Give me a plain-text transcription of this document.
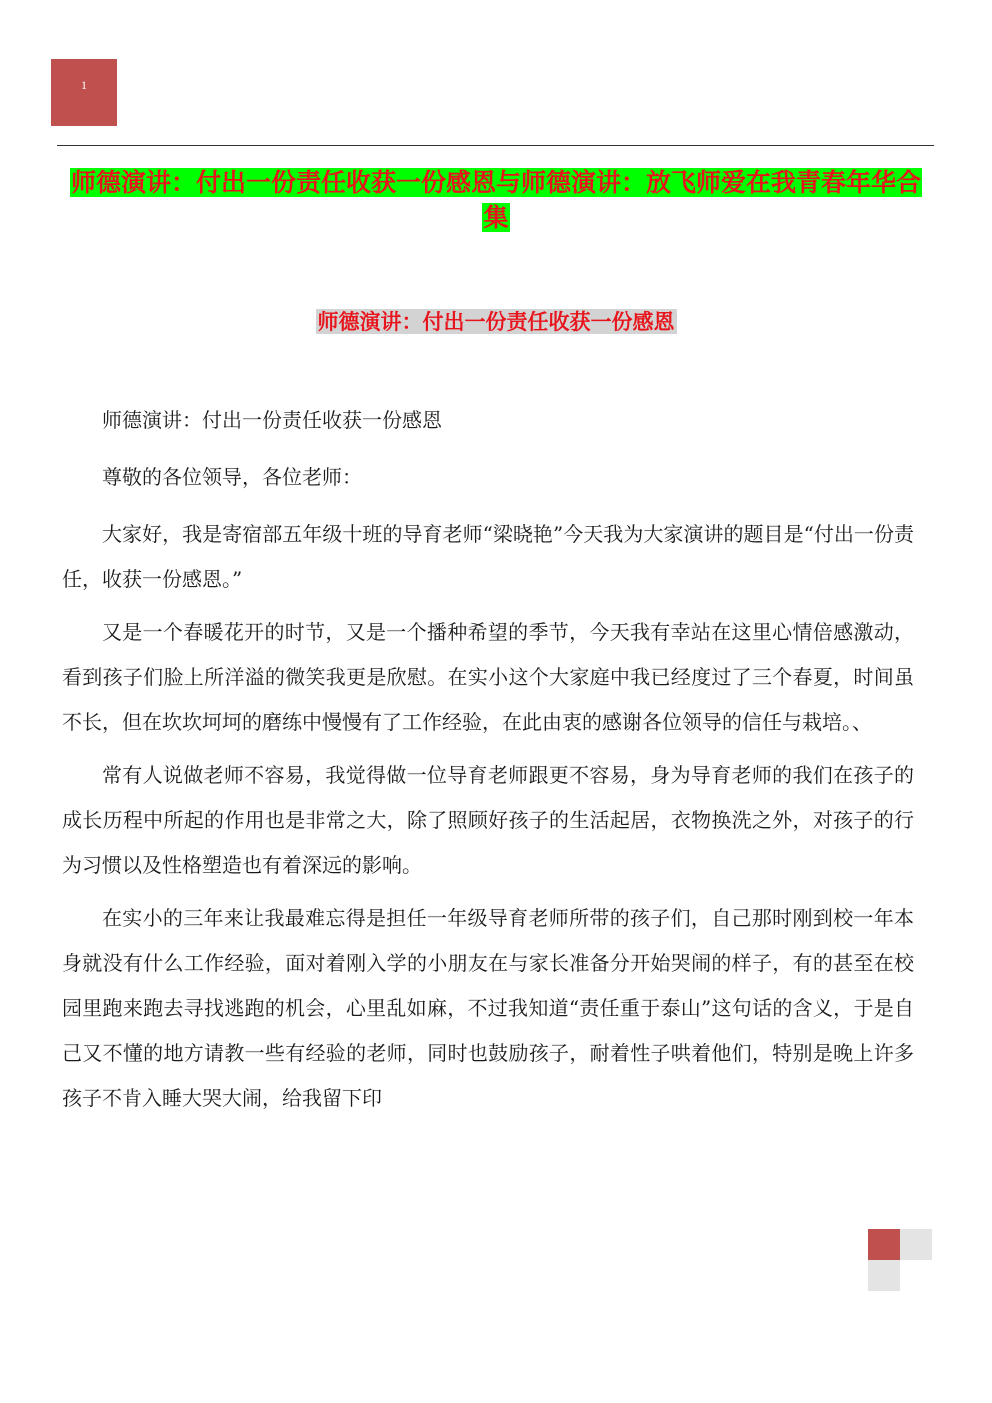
1
师德演讲：付出一份责任收获一份感恩与师德演讲：放飞师爱在我青春年华合集
师德演讲：付出一份责任收获一份感恩

师德演讲：付出一份责任收获一份感恩

尊敬的各位领导，各位老师：

大家好，我是寄宿部五年级十班的导育老师“梁晓艳”今天我为大家演讲的题目是“付出一份责任，收获一份感恩。”

又是一个春暖花开的时节，又是一个播种希望的季节，今天我有幸站在这里心情倍感激动，看到孩子们脸上所洋溢的微笑我更是欣慰。在实小这个大家庭中我已经度过了三个春夏，时间虽不长，但在坎坎坷坷的磨练中慢慢有了工作经验，在此由衷的感谢各位领导的信任与栽培。、

常有人说做老师不容易，我觉得做一位导育老师跟更不容易，身为导育老师的我们在孩子的成长历程中所起的作用也是非常之大，除了照顾好孩子的生活起居，衣物换洗之外，对孩子的行为习惯以及性格塑造也有着深远的影响。

在实小的三年来让我最难忘得是担任一年级导育老师所带的孩子们，自己那时刚到校一年本身就没有什么工作经验，面对着刚入学的小朋友在与家长准备分开始哭闹的样子，有的甚至在校园里跑来跑去寻找逃跑的机会，心里乱如麻，不过我知道“责任重于泰山”这句话的含义，于是自己又不懂的地方请教一些有经验的老师，同时也鼓励孩子，耐着性子哄着他们，特别是晚上许多孩子不肯入睡大哭大闹，给我留下印
